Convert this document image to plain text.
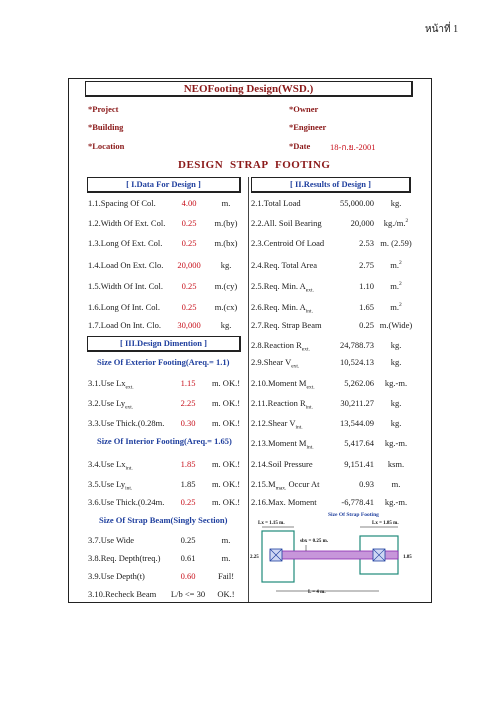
หน้าที่ 1
NEOFooting Design(WSD.)
*Project	*Owner
*Building	*Engineer
*Location	*Date 18-ก.ย.-2001
DESIGN STRAP FOOTING
[ I.Data For Design ]	[ II.Results of Design ]
1.1.Spacing Of Col.	4.00	m.
1.2.Width Of Ext. Col.	0.25	m.(by)
1.3.Long Of Ext. Col.	0.25	m.(bx)
1.4.Load On Ext. Clo.	20,000	kg.
1.5.Width Of Int. Col.	0.25	m.(cy)
1.6.Long Of Int. Col.	0.25	m.(cx)
1.7.Load On Int. Clo.	30,000	kg.
2.1.Total Load	55,000.00	kg.
2.2.All. Soil Bearing	20,000	kg./m.$^2$
2.3.Centroid Of Load	2.53 m. (2.59)
2.4.Req. Total Area	2.75	m.$^2$
2.5.Req. Min. $A_{ext.}$	1.10	m.$^2$
2.6.Req. Min. $A_{int.}$	1.65	m.$^2$
2.7.Req. Strap Beam	0.25 m.(Wide)
2.8.Reaction $R_{ext.}$	24,788.73	kg.
2.9.Shear $V_{ext.}$	10,524.13	kg.
2.10.Moment $M_{ext.}$	5,262.06	kg.-m.
2.11.Reaction $R_{int.}$	30,211.27	kg.
2.12.Shear $V_{int.}$	13,544.09	kg.
2.13.Moment $M_{int.}$	5,417.64	kg.-m.
2.14.Soil Pressure	9,151.41	ksm.
$2.15.M_{max.}$ Occur At	0.93	m.
2.16.Max. Moment	-6,778.41	kg.-m.
[ III.Design Dimention ]
Size Of Exterior Footing(Areq.= 1.1)
3.1.Use $Lx_{ext.}$	1.15	m. OK.!
3.2.Use $Ly_{ext.}$	2.25	m. OK.!
3.3.Use Thick.(0.28m.	0.30	m. OK.!
Size Of Interior Footing(Areq.= 1.65)
3.4.Use $Lx_{int.}$	1.85	m. OK.!
3.5.Use $Ly_{int.}$	1.85	m. OK.!
3.6.Use Thick.(0.24m.	0.25	m. OK.!
Size Of Strap Beam(Singly Section)
3.7.Use Wide	0.25	m.
3.8.Req. Depth(treq.)	0.61	m.
3.9.Use Depth(t)	0.60	Fail!
3.10.Recheck Beam	L/b <= 30	OK.!
Size Of Strap Footing
Lx = 1.15 m.	Lx = 1.85 m.
sbx = 0.25 m.
2.25	1.85
L = 4 m.
